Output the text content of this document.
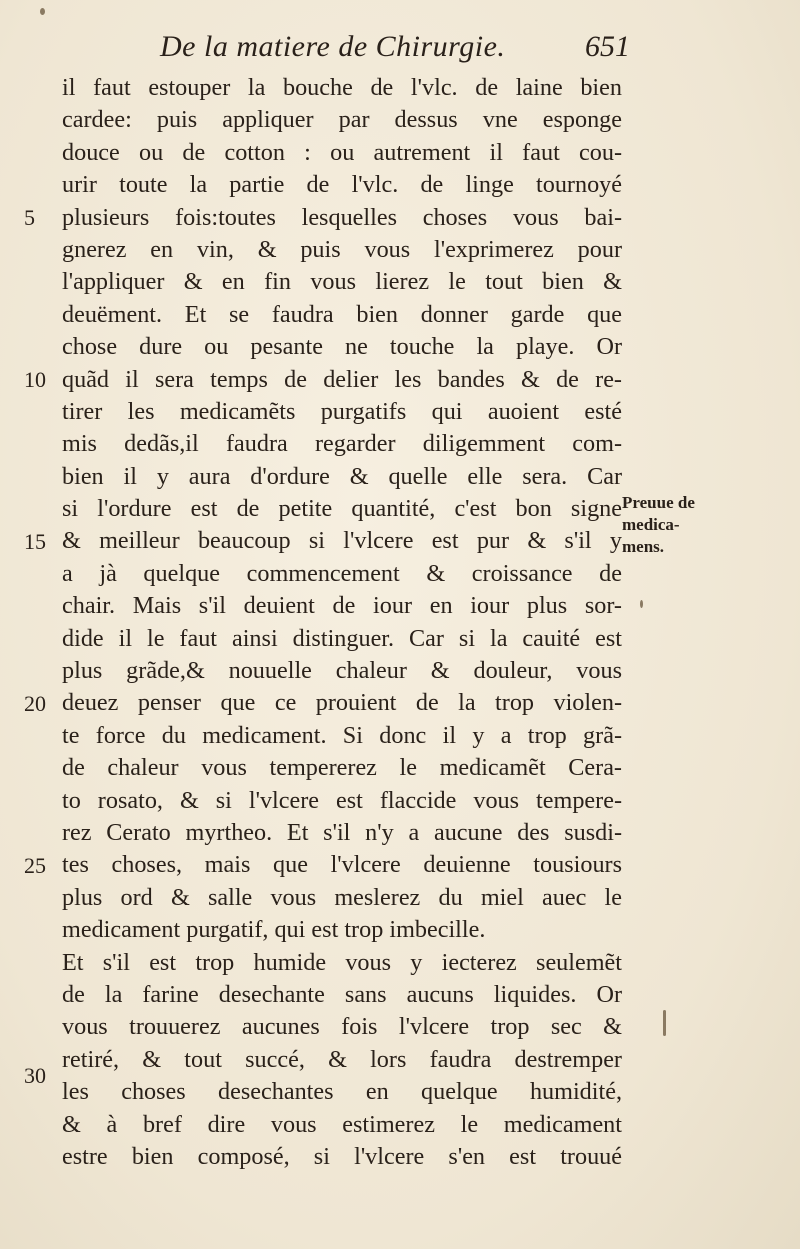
De la matiere de Chirurgie.	651
5
10
15
20
25
30
il faut estouper la bouche de l'vlc. de laine bien
cardee: puis appliquer par dessus vne esponge
douce ou de cotton : ou autrement il faut cou-
urir toute la partie de l'vlc. de linge tournoyé
plusieurs fois:toutes lesquelles choses vous bai-
gnerez en vin, & puis vous l'exprimerez pour
l'appliquer & en fin vous lierez le tout bien &
deuëment. Et se faudra bien donner garde que
chose dure ou pesante ne touche la playe. Or
quãd il sera temps de delier les bandes & de re-
tirer les medicamẽts purgatifs qui auoient esté
mis dedãs,il faudra regarder diligemment com-
bien il y aura d'ordure & quelle elle sera. Car
si l'ordure est de petite quantité, c'est bon signe
& meilleur beaucoup si l'vlcere est pur & s'il y
a jà quelque commencement & croissance de
chair. Mais s'il deuient de iour en iour plus sor-
dide il le faut ainsi distinguer. Car si la cauité est
plus grãde,& nouuelle chaleur & douleur, vous
deuez penser que ce prouient de la trop violen-
te force du medicament. Si donc il y a trop grã-
de chaleur vous tempererez le medicamẽt Cera-
to rosato, & si l'vlcere est flaccide vous tempere-
rez Cerato myrtheo. Et s'il n'y a aucune des susdi-
tes choses, mais que l'vlcere deuienne tousiours
plus ord & salle vous meslerez du miel auec le
medicament purgatif, qui est trop imbecille.
Et s'il est trop humide vous y iecterez seulemẽt
de la farine desechante sans aucuns liquides. Or
vous trouuerez aucunes fois l'vlcere trop sec &
retiré, & tout succé, & lors faudra destremper
les choses desechantes en quelque humidité,
& à bref dire vous estimerez le medicament
estre bien composé, si l'vlcere s'en est trouué
Preuue de
medica-
mens.
